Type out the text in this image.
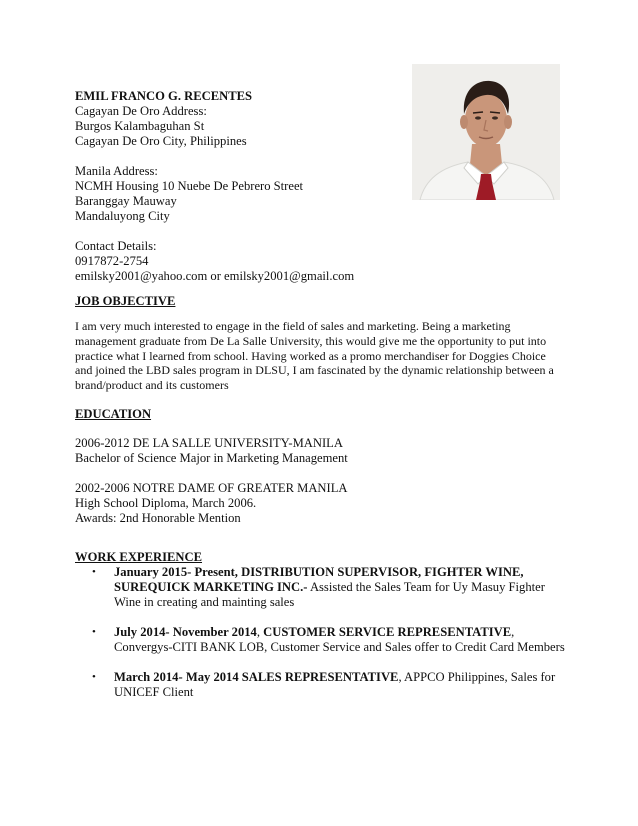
EMIL FRANCO G. RECENTES
Cagayan De Oro Address:
Burgos Kalambaguhan St
Cagayan De Oro City, Philippines
Manila Address:
NCMH Housing 10 Nuebe De Pebrero Street
Baranggay Mauway
Mandaluyong City
Contact Details:
0917872-2754
emilsky2001@yahoo.com or emilsky2001@gmail.com
JOB OBJECTIVE
I am very much interested to engage in the field of sales and marketing. Being a marketing
management graduate from De La Salle University, this would give me the opportunity to put into
practice what I learned from school. Having worked as a promo merchandiser for Doggies Choice
and joined the LBD sales program in DLSU, I am fascinated by the dynamic relationship between a
brand/product and its customers
EDUCATION
2006-2012 DE LA SALLE UNIVERSITY-MANILA
Bachelor of Science Major in Marketing Management
2002-2006 NOTRE DAME OF GREATER MANILA
High School Diploma, March 2006.
Awards: 2nd Honorable Mention
WORK EXPERIENCE
• January 2015- Present, DISTRIBUTION SUPERVISOR, FIGHTER WINE,
SUREQUICK MARKETING INC.- Assisted the Sales Team for Uy Masuy Fighter
Wine in creating and mainting sales
• July 2014- November 2014, CUSTOMER SERVICE REPRESENTATIVE,
Convergys-CITI BANK LOB, Customer Service and Sales offer to Credit Card Members
• March 2014- May 2014 SALES REPRESENTATIVE, APPCO Philippines, Sales for
UNICEF Client
